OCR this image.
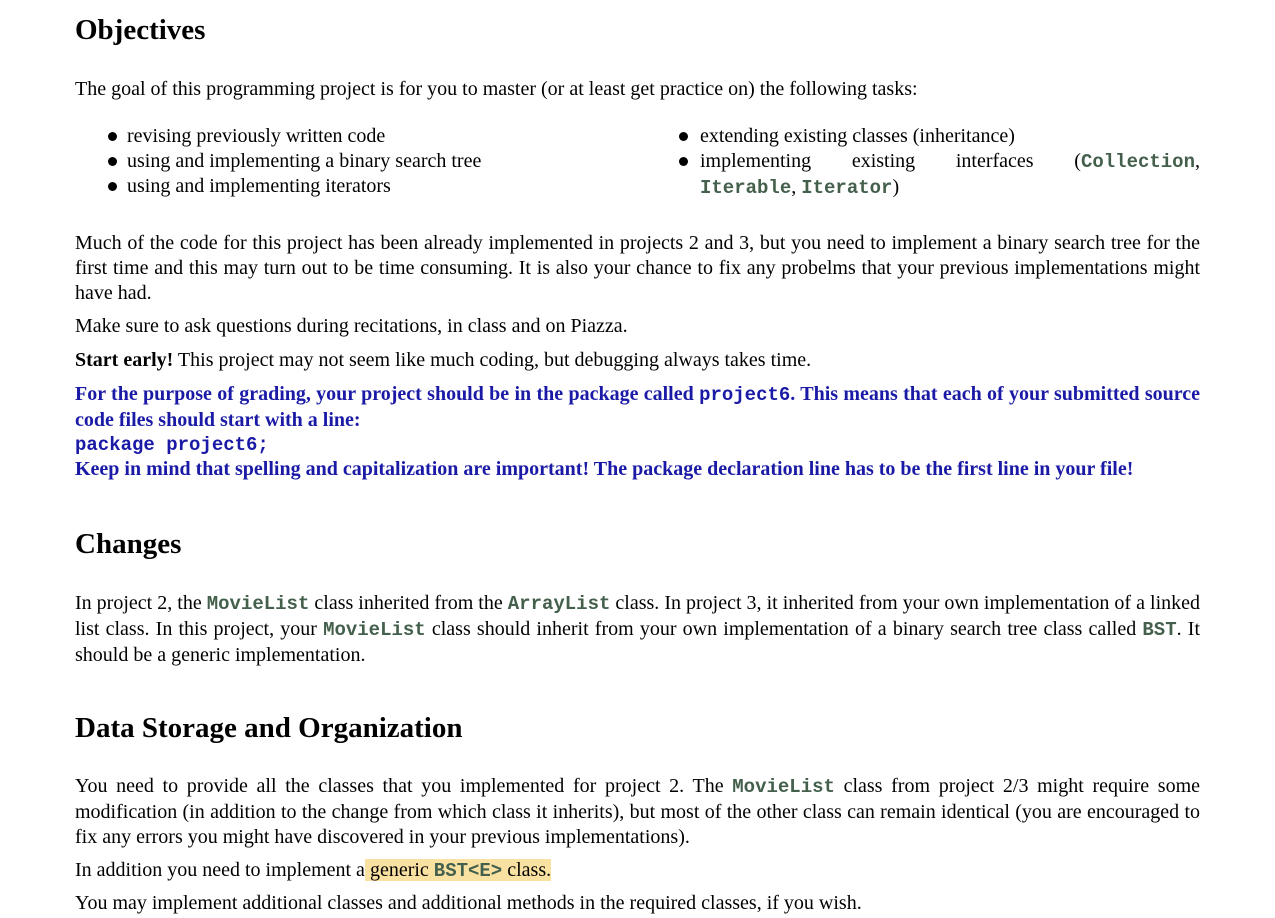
Objectives

The goal of this programming project is for you to master (or at least get practice on) the following tasks:

revising previously written code
using and implementing a binary search tree
using and implementing iterators
extending existing classes (inheritance)
implementing existing interfaces (Collection,
Iterable, Iterator)

Much of the code for this project has been already implemented in projects 2 and 3, but you need to implement a binary search tree for the first time and this may turn out to be time consuming. It is also your chance to fix any probelms that your previous implementations might have had.

Make sure to ask questions during recitations, in class and on Piazza.

Start early! This project may not seem like much coding, but debugging always takes time.

For the purpose of grading, your project should be in the package called project6. This means that each of your submitted source code files should start with a line:

package project6;

Keep in mind that spelling and capitalization are important! The package declaration line has to be the first line in your file!

Changes

In project 2, the MovieList class inherited from the ArrayList class. In project 3, it inherited from your own implementation of a linked list class. In this project, your MovieList class should inherit from your own implementation of a binary search tree class called BST. It should be a generic implementation.

Data Storage and Organization

You need to provide all the classes that you implemented for project 2. The MovieList class from project 2/3 might require some modification (in addition to the change from which class it inherits), but most of the other class can remain identical (you are encouraged to fix any errors you might have discovered in your previous implementations).

In addition you need to implement a generic BST<E> class.

You may implement additional classes and additional methods in the required classes, if you wish.
